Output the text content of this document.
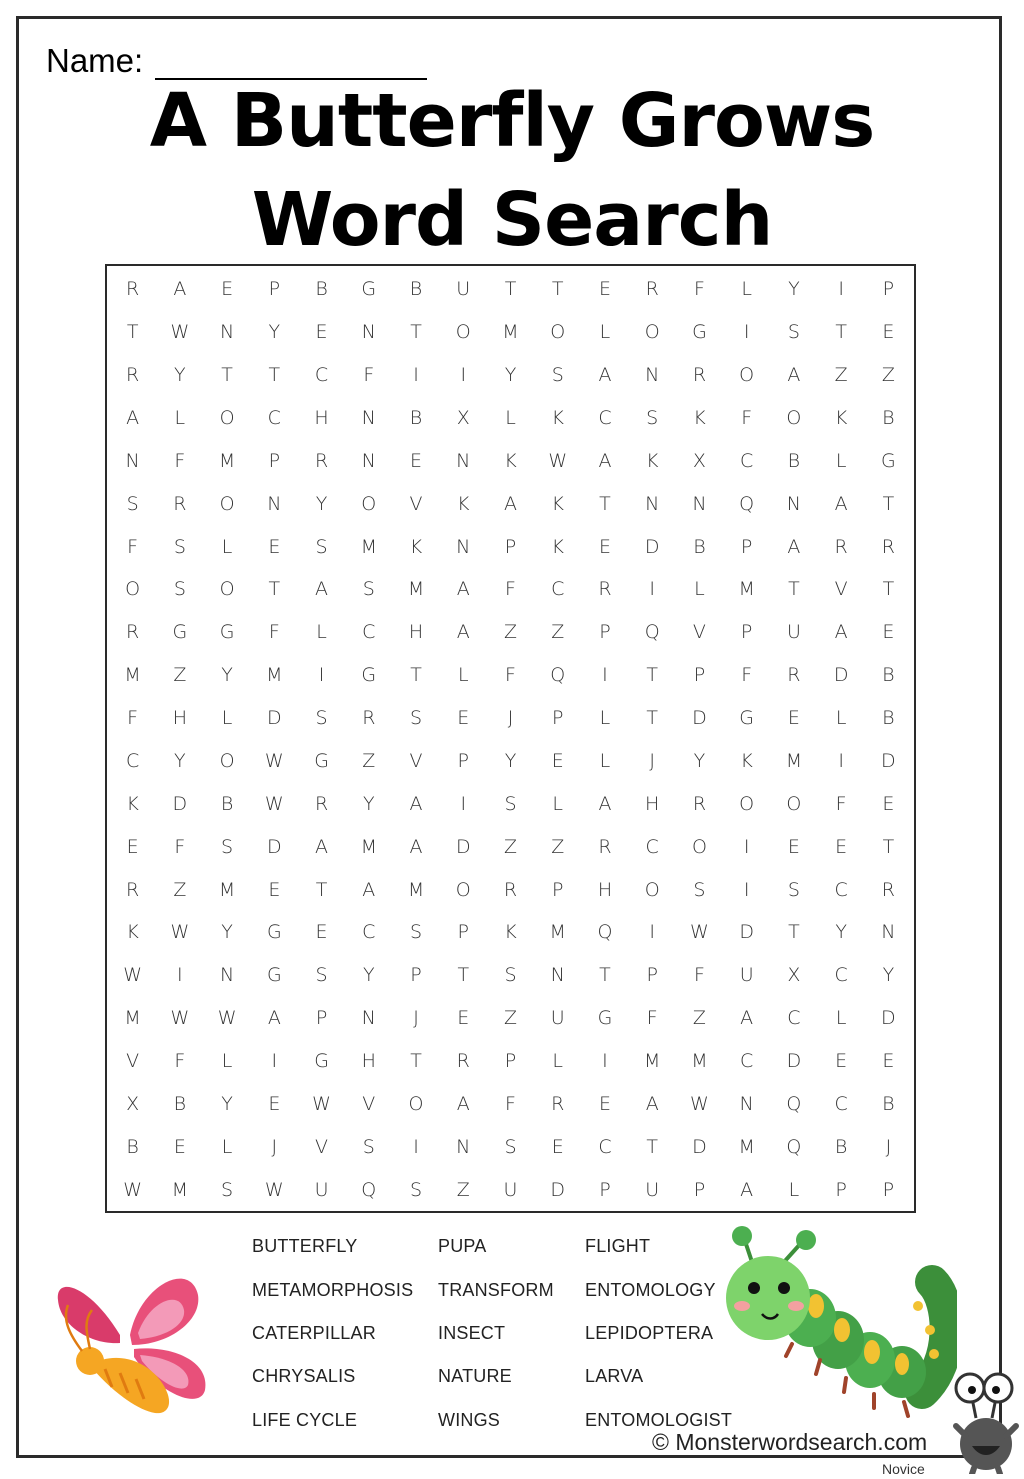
Name:
A Butterfly Grows
Word Search
R	A	E	P	B	G	B	U	T	T	E	R	F	L	Y	I	P
T	W	N	Y	E	N	T	O	M	O	L	O	G	I	S	T	E
R	Y	T	T	C	F	I	I	Y	S	A	N	R	O	A	Z	Z
A	L	O	C	H	N	B	X	L	K	C	S	K	F	O	K	B
N	F	M	P	R	N	E	N	K	W	A	K	X	C	B	L	G
S	R	O	N	Y	O	V	K	A	K	T	N	N	Q	N	A	T
F	S	L	E	S	M	K	N	P	K	E	D	B	P	A	R	R
O	S	O	T	A	S	M	A	F	C	R	I	L	M	T	V	T
R	G	G	F	L	C	H	A	Z	Z	P	Q	V	P	U	A	E
M	Z	Y	M	I	G	T	L	F	Q	I	T	P	F	R	D	B
F	H	L	D	S	R	S	E	J	P	L	T	D	G	E	L	B
C	Y	O	W	G	Z	V	P	Y	E	L	J	Y	K	M	I	D
K	D	B	W	R	Y	A	I	S	L	A	H	R	O	O	F	E
E	F	S	D	A	M	A	D	Z	Z	R	C	O	I	E	E	T
R	Z	M	E	T	A	M	O	R	P	H	O	S	I	S	C	R
K	W	Y	G	E	C	S	P	K	M	Q	I	W	D	T	Y	N
W	I	N	G	S	Y	P	T	S	N	T	P	F	U	X	C	Y
M	W	W	A	P	N	J	E	Z	U	G	F	Z	A	C	L	D
V	F	L	I	G	H	T	R	P	L	I	M	M	C	D	E	E
X	B	Y	E	W	V	O	A	F	R	E	A	W	N	Q	C	B
B	E	L	J	V	S	I	N	S	E	C	T	D	M	Q	B	J
W	M	S	W	U	Q	S	Z	U	D	P	U	P	A	L	P	P
BUTTERFLY
METAMORPHOSIS
CATERPILLAR
CHRYSALIS
LIFE CYCLE
PUPA
TRANSFORM
INSECT
NATURE
WINGS
FLIGHT
ENTOMOLOGY
LEPIDOPTERA
LARVA
ENTOMOLOGIST
© Monsterwordsearch.com
Novice
